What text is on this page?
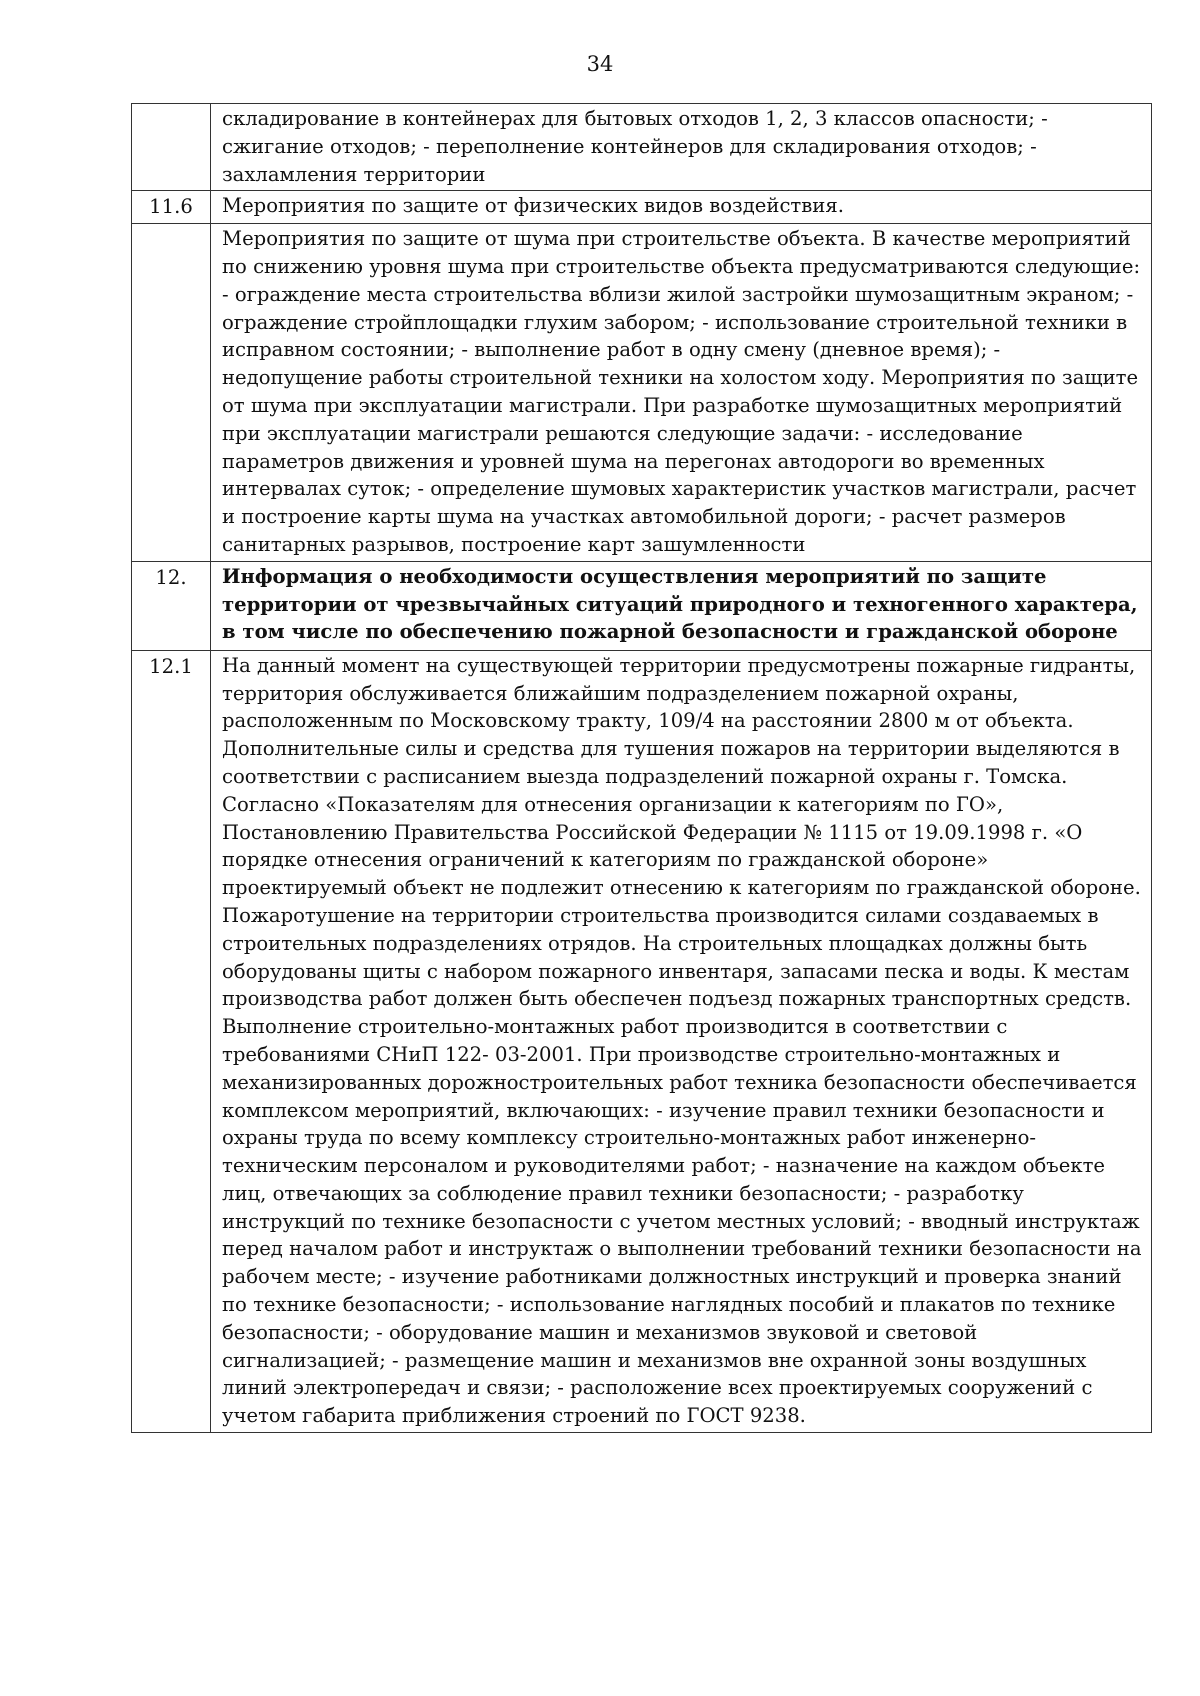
34
	складирование в контейнерах для бытовых отходов 1, 2, 3 классов опасности; - сжигание отходов; - переполнение контейнеров для складирования отходов; - захламления территории
11.6	Мероприятия по защите от физических видов воздействия.
	Мероприятия по защите от шума при строительстве объекта. В качестве мероприятий по снижению уровня шума при строительстве объекта предусматриваются следующие: - ограждение места строительства вблизи жилой застройки шумозащитным экраном; - ограждение стройплощадки глухим забором; - использование строительной техники в исправном состоянии; - выполнение работ в одну смену (дневное время); - недопущение работы строительной техники на холостом ходу. Мероприятия по защите от шума при эксплуатации магистрали. При разработке шумозащитных мероприятий при эксплуатации магистрали решаются следующие задачи: - исследование параметров движения и уровней шума на перегонах автодороги во временных интервалах суток; - определение шумовых характеристик участков магистрали, расчет и построение карты шума на участках автомобильной дороги; - расчет размеров санитарных разрывов, построение карт зашумленности
12.	Информация о необходимости осуществления мероприятий по защите территории от чрезвычайных ситуаций природного и техногенного характера, в том числе по обеспечению пожарной безопасности и гражданской обороне
12.1	На данный момент на существующей территории предусмотрены пожарные гидранты, территория обслуживается ближайшим подразделением пожарной охраны, расположенным по Московскому тракту, 109/4 на расстоянии 2800 м от объекта. Дополнительные силы и средства для тушения пожаров на территории выделяются в соответствии с расписанием выезда подразделений пожарной охраны г. Томска. Согласно «Показателям для отнесения организации к категориям по ГО», Постановлению Правительства Российской Федерации № 1115 от 19.09.1998 г. «О порядке отнесения ограничений к категориям по гражданской обороне» проектируемый объект не подлежит отнесению к категориям по гражданской обороне. Пожаротушение на территории строительства производится силами создаваемых в строительных подразделениях отрядов. На строительных площадках должны быть оборудованы щиты с набором пожарного инвентаря, запасами песка и воды. К местам производства работ должен быть обеспечен подъезд пожарных транспортных средств. Выполнение строительно-монтажных работ производится в соответствии с требованиями СНиП 122- 03-2001. При производстве строительно-монтажных и механизированных дорожностроительных работ техника безопасности обеспечивается комплексом мероприятий, включающих: - изучение правил техники безопасности и охраны труда по всему комплексу строительно-монтажных работ инженерно-техническим персоналом и руководителями работ; - назначение на каждом объекте лиц, отвечающих за соблюдение правил техники безопасности; - разработку инструкций по технике безопасности с учетом местных условий; - вводный инструктаж перед началом работ и инструктаж о выполнении требований техники безопасности на рабочем месте; - изучение работниками должностных инструкций и проверка знаний по технике безопасности; - использование наглядных пособий и плакатов по технике безопасности; - оборудование машин и механизмов звуковой и световой сигнализацией; - размещение машин и механизмов вне охранной зоны воздушных линий электропередач и связи; - расположение всех проектируемых сооружений с учетом габарита приближения строений по ГОСТ 9238.
